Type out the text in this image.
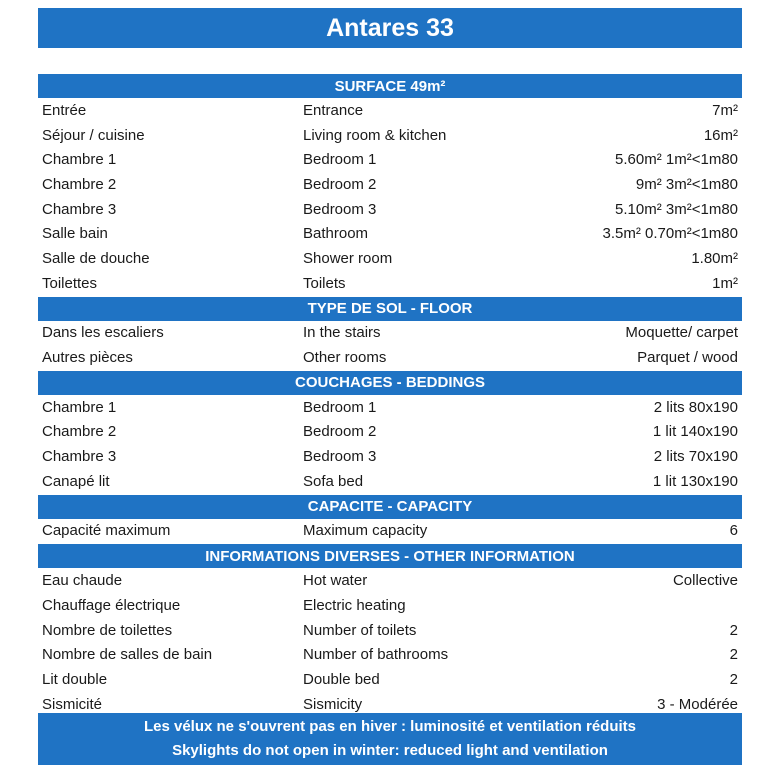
Antares 33
SURFACE 49m²
Entrée	Entrance	7m²
Séjour / cuisine	Living room & kitchen	16m²
Chambre 1	Bedroom 1	5.60m² 1m²<1m80
Chambre 2	Bedroom 2	9m² 3m²<1m80
Chambre 3	Bedroom 3	5.10m² 3m²<1m80
Salle bain	Bathroom	3.5m² 0.70m²<1m80
Salle de douche	Shower room	1.80m²
Toilettes	Toilets	1m²
TYPE DE SOL - FLOOR
Dans les escaliers	In the stairs	Moquette/ carpet
Autres pièces	Other rooms	Parquet / wood
COUCHAGES - BEDDINGS
Chambre 1	Bedroom 1	2 lits 80x190
Chambre 2	Bedroom 2	1 lit 140x190
Chambre 3	Bedroom 3	2 lits 70x190
Canapé lit	Sofa bed	1 lit 130x190
CAPACITE - CAPACITY
Capacité maximum	Maximum capacity	6
INFORMATIONS DIVERSES - OTHER INFORMATION
Eau chaude	Hot water	Collective
Chauffage électrique	Electric heating
Nombre de toilettes	Number of toilets	2
Nombre de salles de bain	Number of bathrooms	2
Lit double	Double bed	2
Sismicité	Sismicity	3 - Modérée
Les vélux ne s'ouvrent pas en hiver : luminosité et ventilation réduits
Skylights do not open in winter: reduced light and ventilation
